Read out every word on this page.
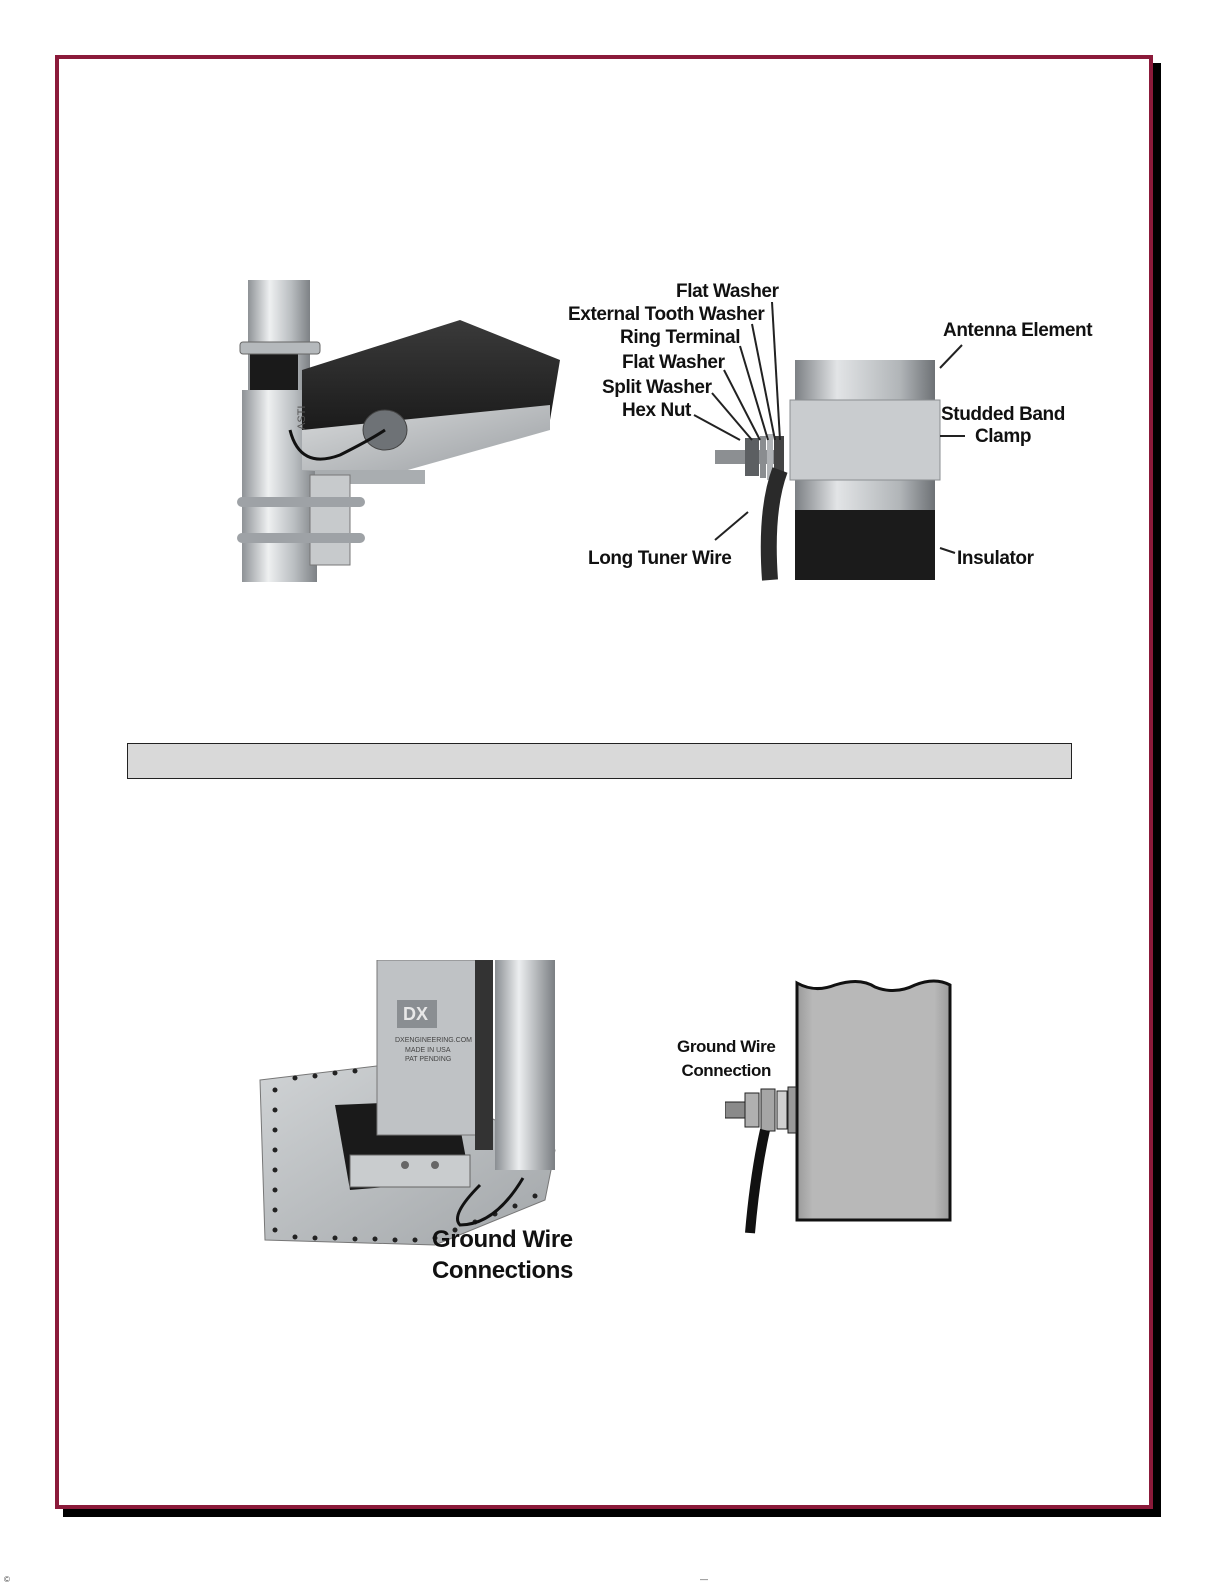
ASTI
Flat Washer
External Tooth Washer
Ring Terminal
Flat Washer
Split Washer
Hex Nut
Long Tuner Wire
Antenna Element
Studded Band
Clamp
Insulator
DX
DXENGINEERING.COM
MADE IN USA
PAT PENDING
Ground Wire
Connections
Ground Wire
Connection
©	—
